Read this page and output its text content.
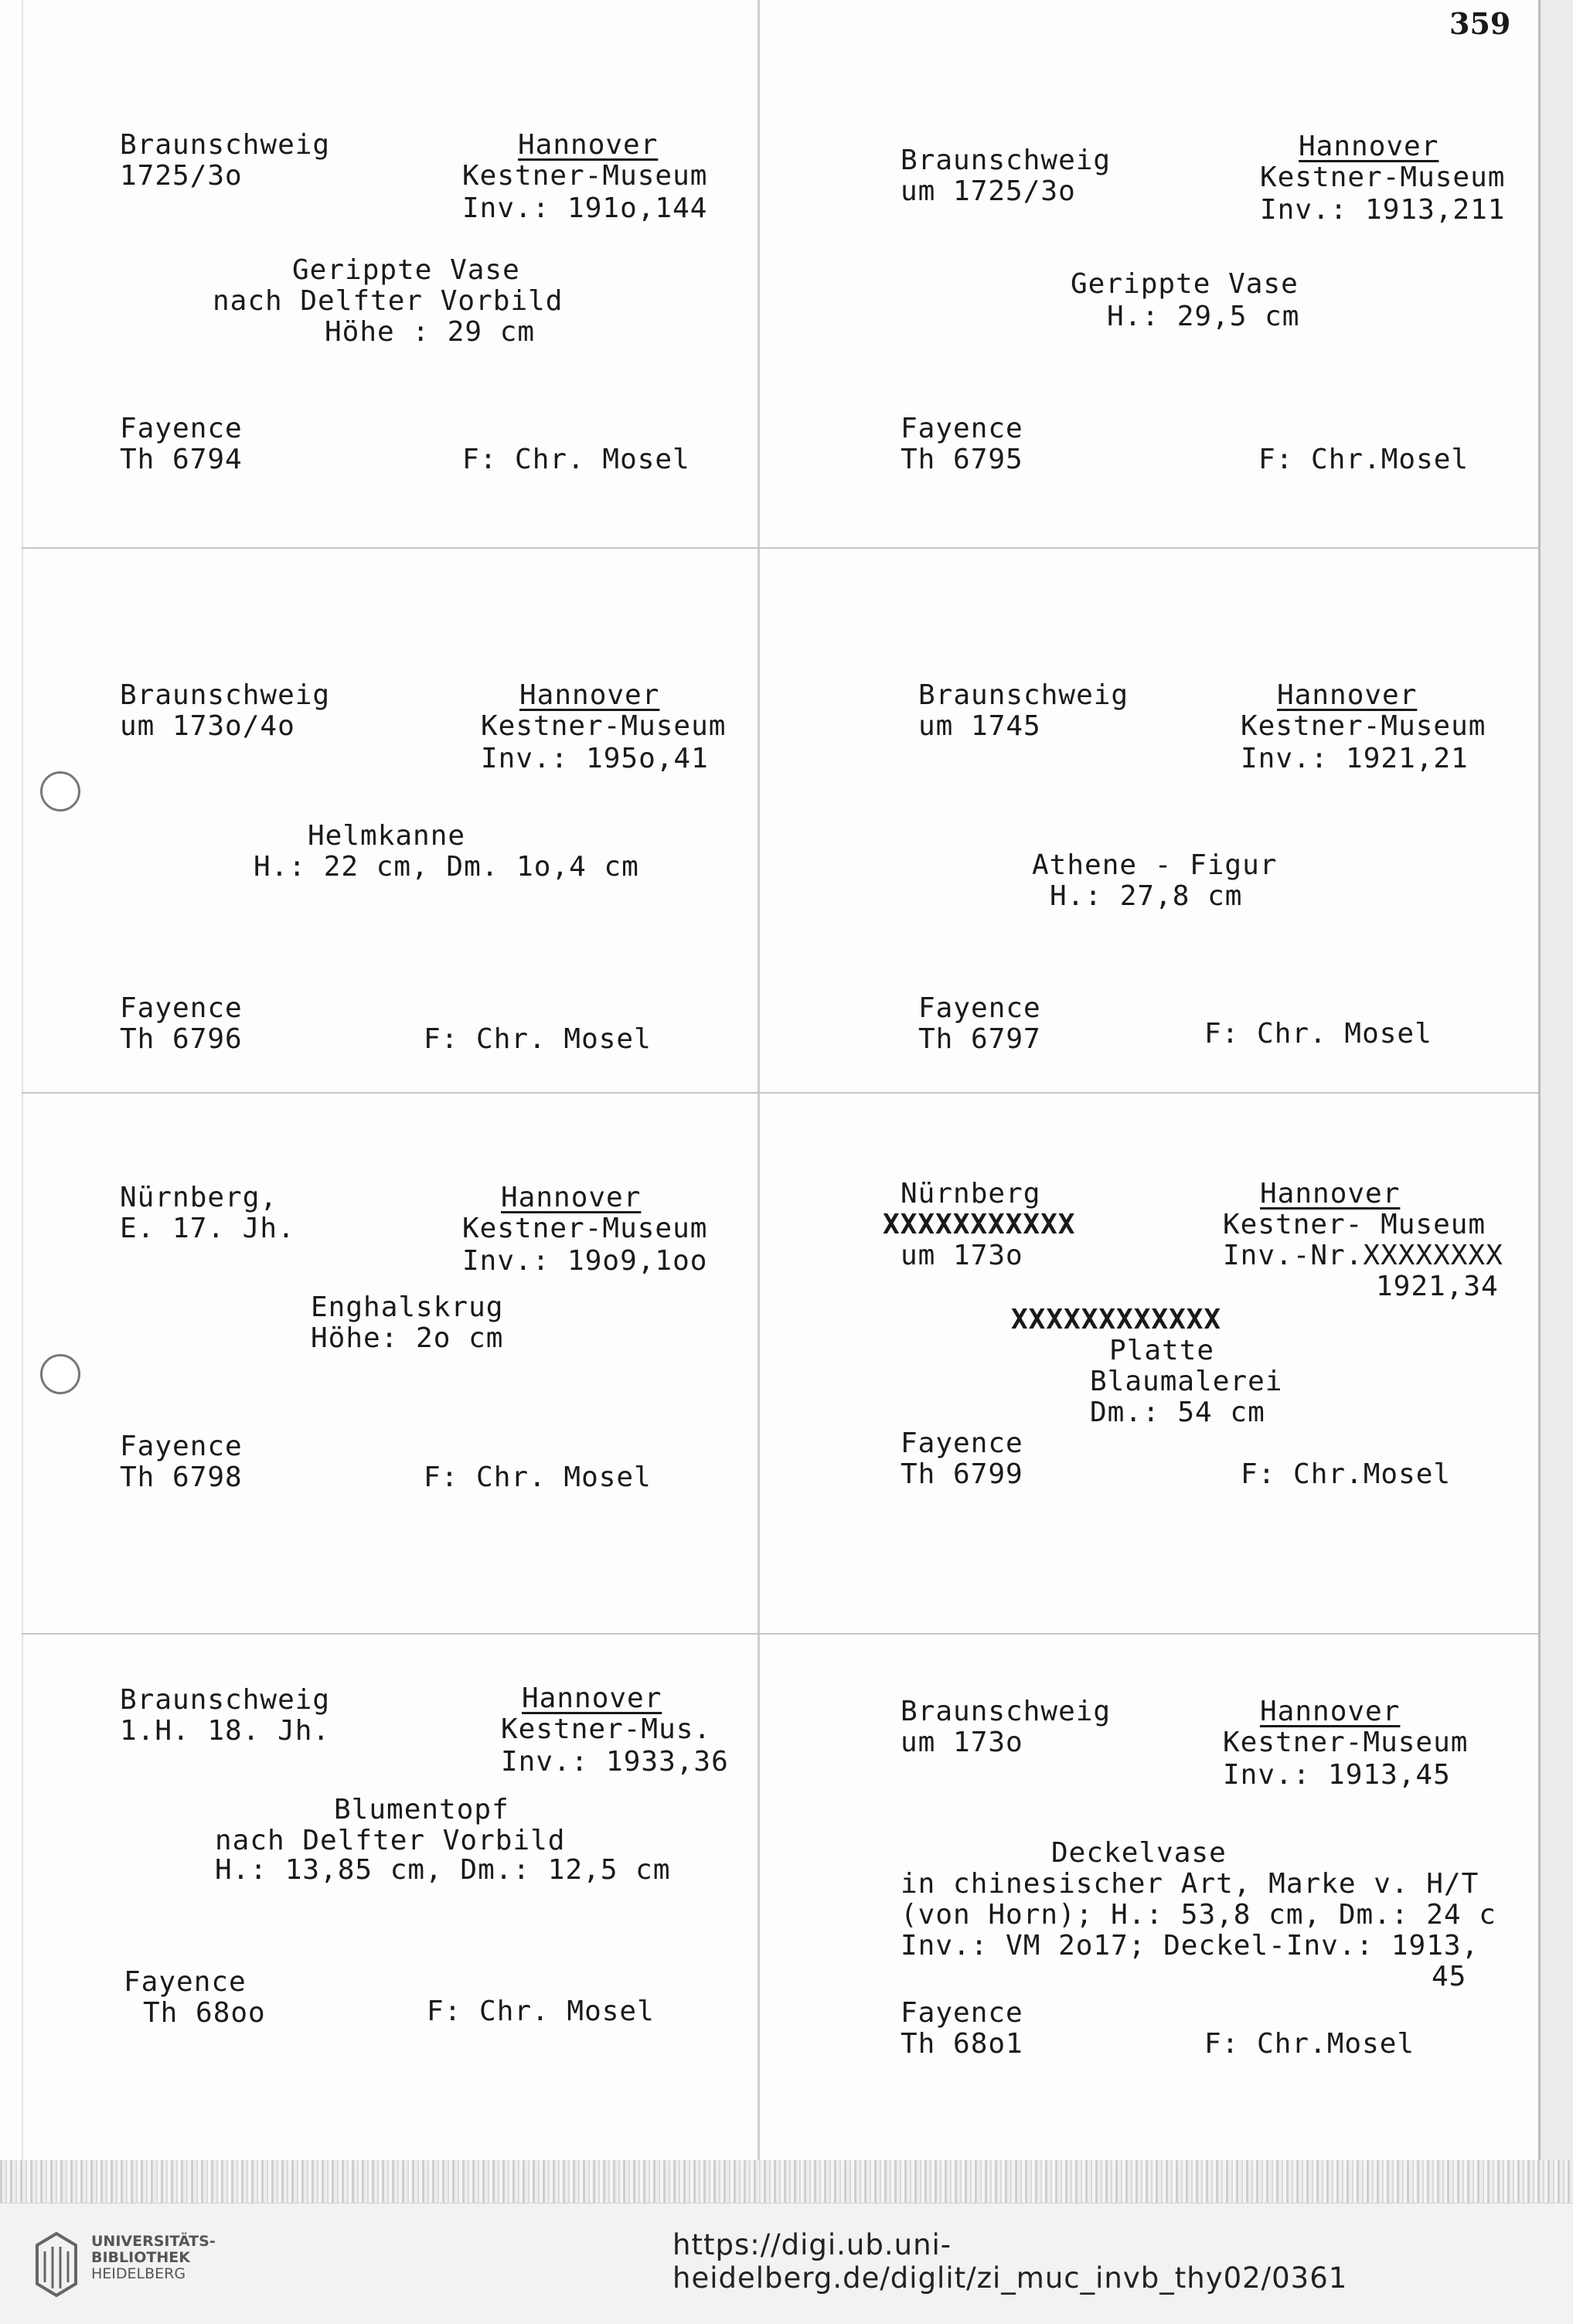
359
Braunschweig
1725/3o
Hannover
Kestner-Museum
Inv.: 191o,144
Gerippte Vase
nach Delfter Vorbild
Höhe : 29 cm
Fayence
Th 6794	F: Chr. Mosel
Braunschweig
um 1725/3o
Hannover
Kestner-Museum
Inv.: 1913,211
Gerippte Vase
H.: 29,5 cm
Fayence
Th 6795	F: Chr.Mosel
Braunschweig
um 173o/4o
Hannover
Kestner-Museum
Inv.: 195o,41
Helmkanne
H.: 22 cm, Dm. 1o,4 cm
Fayence
Th 6796	F: Chr. Mosel
Braunschweig
um 1745
Hannover
Kestner-Museum
Inv.: 1921,21
Athene - Figur
H.: 27,8 cm
Fayence
Th 6797	F: Chr. Mosel
Nürnberg,
E. 17. Jh.
Hannover
Kestner-Museum
Inv.: 19o9,1oo
Enghalskrug
Höhe: 2o cm
Fayence
Th 6798	F: Chr. Mosel
Nürnberg
XXXXXXXXXXX
um 173o
Hannover
Kestner- Museum
Inv.-Nr.XXXXXXXX
1921,34
XXXXXXXXXXXX
Platte
Blaumalerei
Dm.: 54 cm
Fayence
Th 6799	F: Chr.Mosel
Braunschweig
1.H. 18. Jh.
Hannover
Kestner-Mus.
Inv.: 1933,36
Blumentopf
nach Delfter Vorbild
H.: 13,85 cm, Dm.: 12,5 cm
Fayence
Th 68oo	F: Chr. Mosel
Braunschweig
um 173o
Hannover
Kestner-Museum
Inv.: 1913,45
Deckelvase
in chinesischer Art, Marke v. H/T
(von Horn); H.: 53,8 cm, Dm.: 24 c
Inv.: VM 2o17; Deckel-Inv.: 1913,
45
Fayence
Th 68o1	F: Chr.Mosel
UNIVERSITÄTS-
BIBLIOTHEK
HEIDELBERG
https://digi.ub.uni-heidelberg.de/diglit/zi_muc_invb_thy02/0361
